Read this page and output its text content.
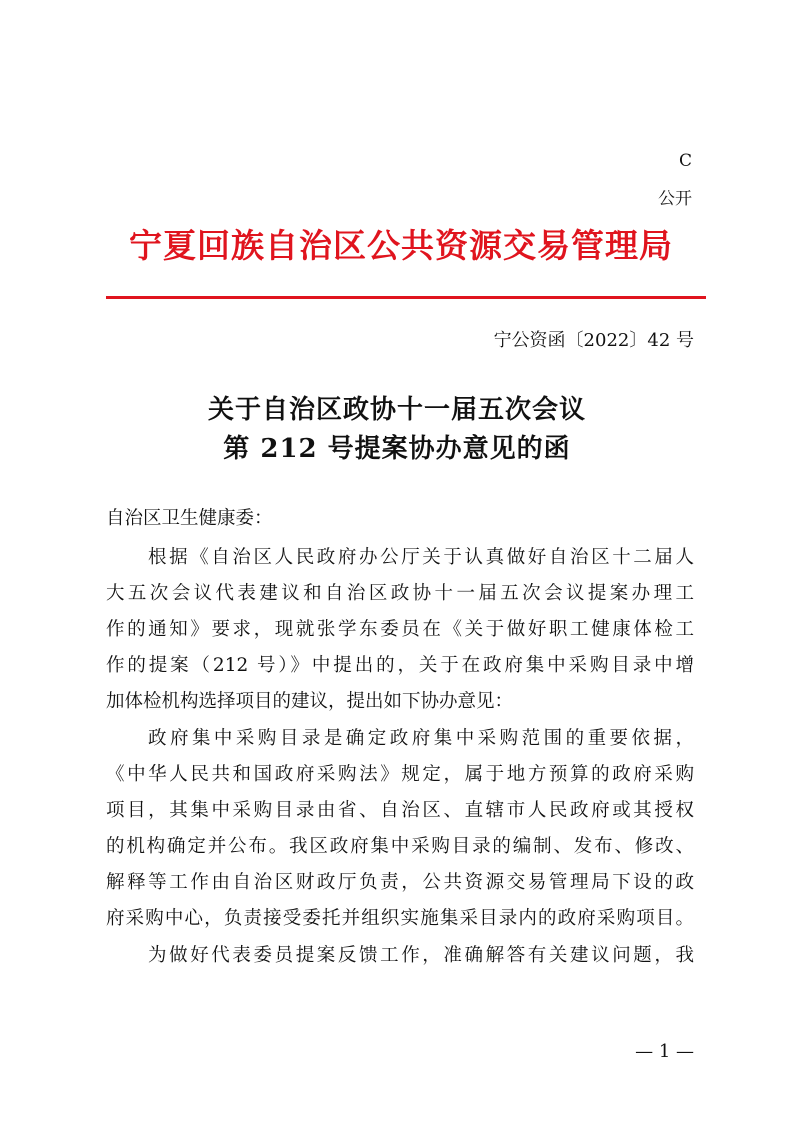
C
公开
宁夏回族自治区公共资源交易管理局
宁公资函〔2022〕42 号
关于自治区政协十一届五次会议
第 212 号提案协办意见的函
自治区卫生健康委：
根据《自治区人民政府办公厅关于认真做好自治区十二届人
大五次会议代表建议和自治区政协十一届五次会议提案办理工
作的通知》要求，现就张学东委员在《关于做好职工健康体检工
作的提案（212 号）》中提出的，关于在政府集中采购目录中增
加体检机构选择项目的建议，提出如下协办意见：
政府集中采购目录是确定政府集中采购范围的重要依据，
《中华人民共和国政府采购法》规定，属于地方预算的政府采购
项目，其集中采购目录由省、自治区、直辖市人民政府或其授权
的机构确定并公布。我区政府集中采购目录的编制、发布、修改、
解释等工作由自治区财政厅负责，公共资源交易管理局下设的政
府采购中心，负责接受委托并组织实施集采目录内的政府采购项目。
为做好代表委员提案反馈工作，准确解答有关建议问题，我
— 1 —
